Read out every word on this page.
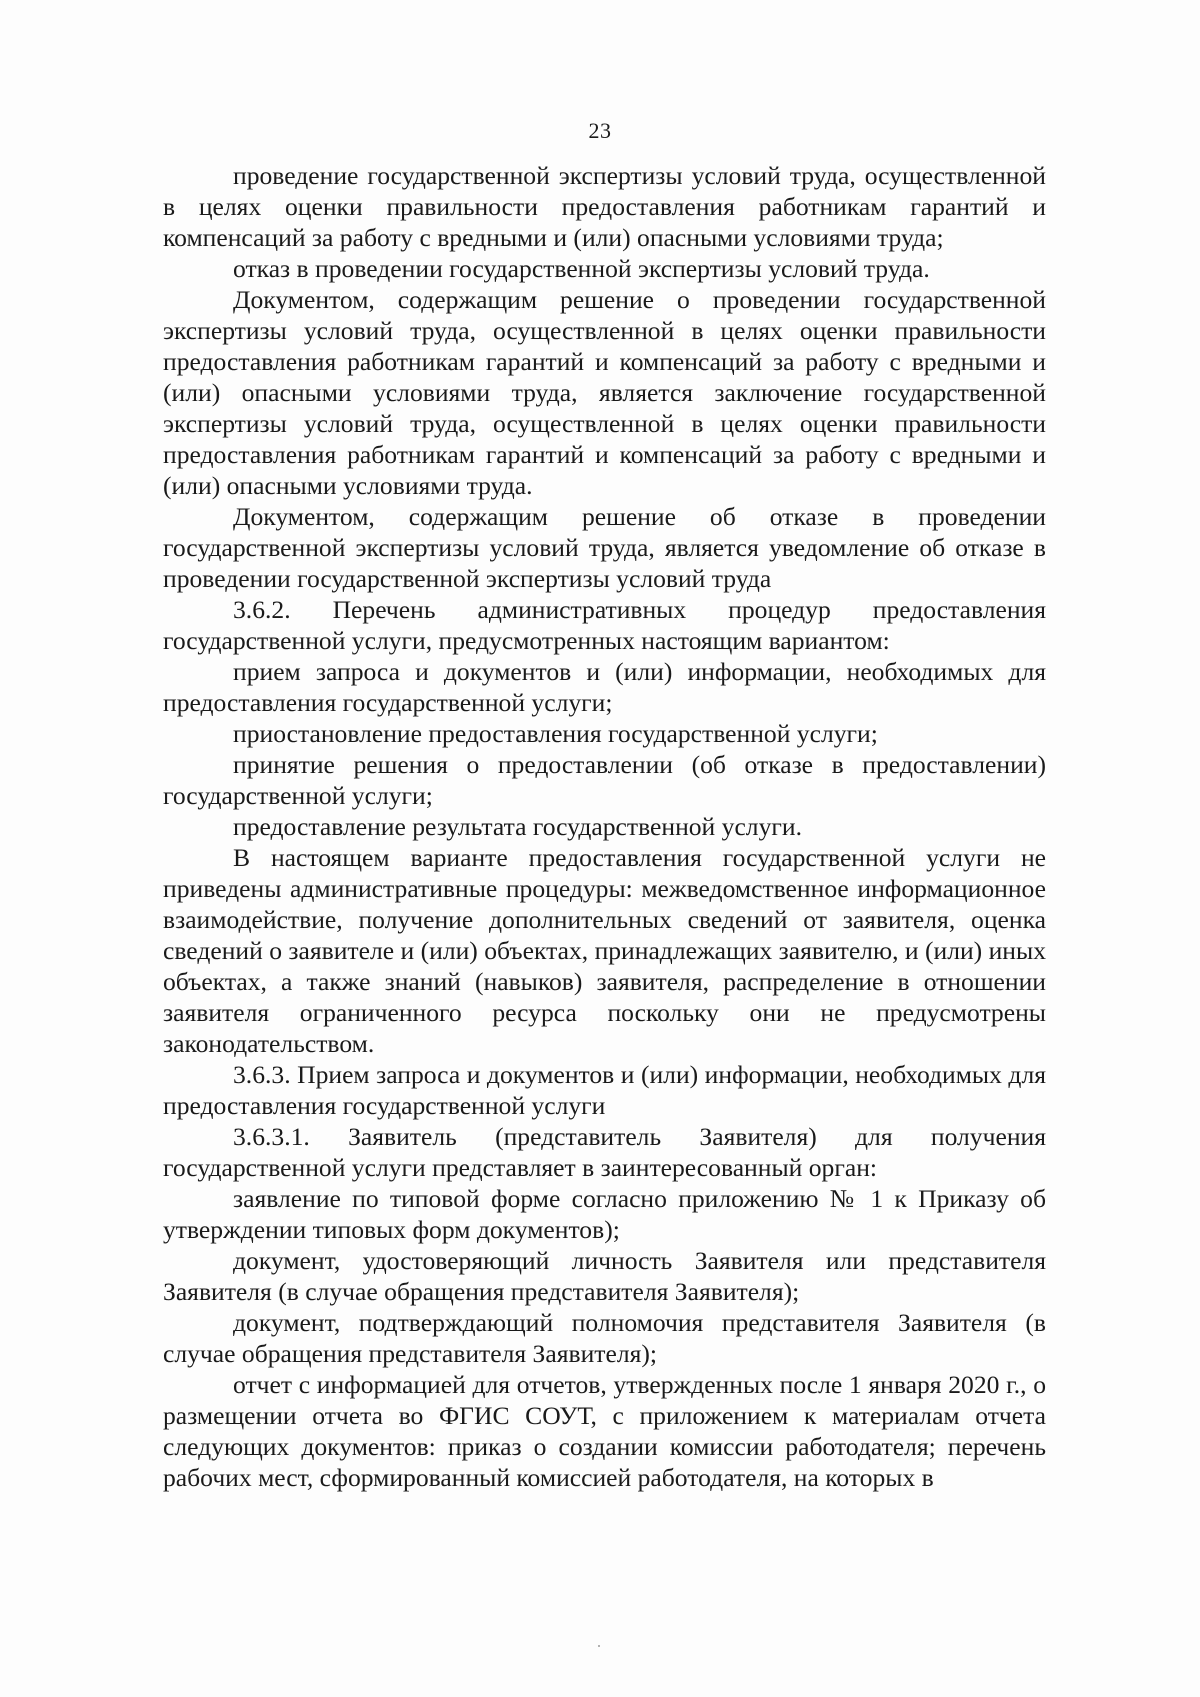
23

проведение государственной экспертизы условий труда, осуществленной в целях оценки правильности предоставления работникам гарантий и компенсаций за работу с вредными и (или) опасными условиями труда;

отказ в проведении государственной экспертизы условий труда.

Документом, содержащим решение о проведении государственной экспертизы условий труда, осуществленной в целях оценки правильности предоставления работникам гарантий и компенсаций за работу с вредными и (или) опасными условиями труда, является заключение государственной экспертизы условий труда, осуществленной в целях оценки правильности предоставления работникам гарантий и компенсаций за работу с вредными и (или) опасными условиями труда.

Документом, содержащим решение об отказе в проведении государственной экспертизы условий труда, является уведомление об отказе в проведении государственной экспертизы условий труда

3.6.2. Перечень административных процедур предоставления государственной услуги, предусмотренных настоящим вариантом:

прием запроса и документов и (или) информации, необходимых для предоставления государственной услуги;

приостановление предоставления государственной услуги;

принятие решения о предоставлении (об отказе в предоставлении) государственной услуги;

предоставление результата государственной услуги.

В настоящем варианте предоставления государственной услуги не приведены административные процедуры: межведомственное информационное взаимодействие, получение дополнительных сведений от заявителя, оценка сведений о заявителе и (или) объектах, принадлежащих заявителю, и (или) иных объектах, а также знаний (навыков) заявителя, распределение в отношении заявителя ограниченного ресурса поскольку они не предусмотрены законодательством.

3.6.3. Прием запроса и документов и (или) информации, необходимых для предоставления государственной услуги

3.6.3.1. Заявитель (представитель Заявителя) для получения государственной услуги представляет в заинтересованный орган:

заявление по типовой форме согласно приложению № 1 к Приказу об утверждении типовых форм документов);

документ, удостоверяющий личность Заявителя или представителя Заявителя (в случае обращения представителя Заявителя);

документ, подтверждающий полномочия представителя Заявителя (в случае обращения представителя Заявителя);

отчет с информацией для отчетов, утвержденных после 1 января 2020 г., о размещении отчета во ФГИС СОУТ, с приложением к материалам отчета следующих документов: приказ о создании комиссии работодателя; перечень рабочих мест, сформированный комиссией работодателя, на которых в
